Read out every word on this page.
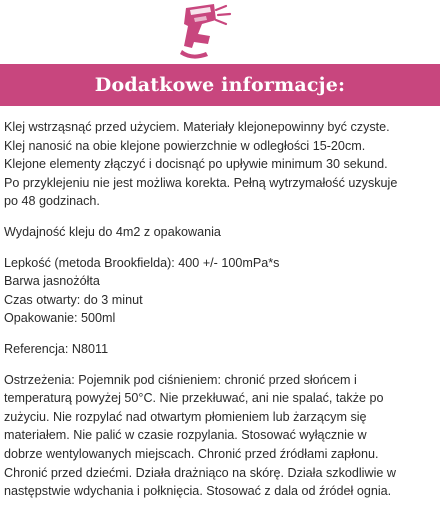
Dodatkowe informacje:
Klej wstrząsnąć przed użyciem. Materiały klejonepowinny być czyste.
Klej nanosić na obie klejone powierzchnie w odległości 15-20cm.
Klejone elementy złączyć i docisnąć po upływie minimum 30 sekund.
Po przyklejeniu nie jest możliwa korekta. Pełną wytrzymałość uzyskuje
po 48 godzinach.
Wydajność kleju do 4m2 z opakowania
Lepkość (metoda Brookfielda): 400 +/- 100mPa*s
Barwa jasnożółta
Czas otwarty: do 3 minut
Opakowanie: 500ml
Referencja: N8011
Ostrzeżenia: Pojemnik pod ciśnieniem: chronić przed słońcem i
temperaturą powyżej 50°C. Nie przekłuwać, ani nie spalać, także po
zużyciu. Nie rozpylać nad otwartym płomieniem lub żarzącym się
materiałem. Nie palić w czasie rozpylania. Stosować wyłącznie w
dobrze wentylowanych miejscach. Chronić przed źródłami zapłonu.
Chronić przed dziećmi. Działa drażniąco na skórę. Działa szkodliwie w
następstwie wdychania i połknięcia. Stosować z dala od źródeł ognia.
